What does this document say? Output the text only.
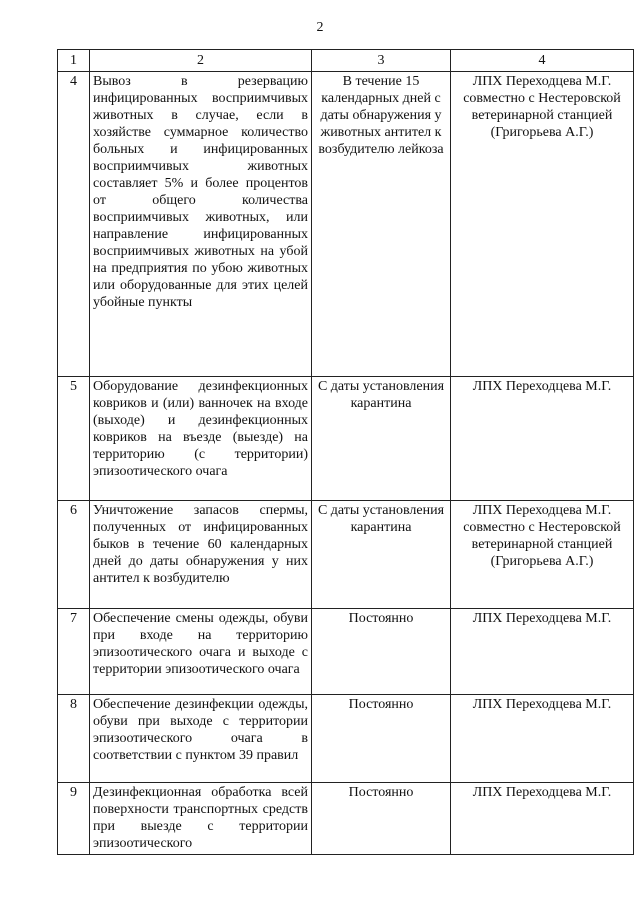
2
1	2	3	4
4	Вывоз в резервацию инфицированных восприимчивых животных в случае, если в хозяйстве суммарное количество больных и инфицированных восприимчивых животных составляет 5% и более процентов от общего количества восприимчивых животных, или направление инфицированных восприимчивых животных на убой на предприятия по убою животных или оборудованные для этих целей убойные пункты	В течение 15 календарных дней с даты обнаружения у животных антител к возбудителю лейкоза	ЛПХ Переходцева М.Г. совместно с Нестеровской ветеринарной станцией (Григорьева А.Г.)
5	Оборудование дезинфекционных ковриков и (или) ванночек на входе (выходе) и дезинфекционных ковриков на въезде (выезде) на территорию (с территории) эпизоотического очага	С даты установления карантина	ЛПХ Переходцева М.Г.
6	Уничтожение запасов спермы, полученных от инфицированных быков в течение 60 календарных дней до даты обнаружения у них антител к возбудителю	С даты установления карантина	ЛПХ Переходцева М.Г. совместно с Нестеровской ветеринарной станцией (Григорьева А.Г.)
7	Обеспечение смены одежды, обуви при входе на территорию эпизоотического очага и выходе с территории эпизоотического очага	Постоянно	ЛПХ Переходцева М.Г.
8	Обеспечение дезинфекции одежды, обуви при выходе с территории эпизоотического очага в соответствии с пунктом 39 правил	Постоянно	ЛПХ Переходцева М.Г.
9	Дезинфекционная обработка всей поверхности транспортных средств при выезде с территории эпизоотического	Постоянно	ЛПХ Переходцева М.Г.
